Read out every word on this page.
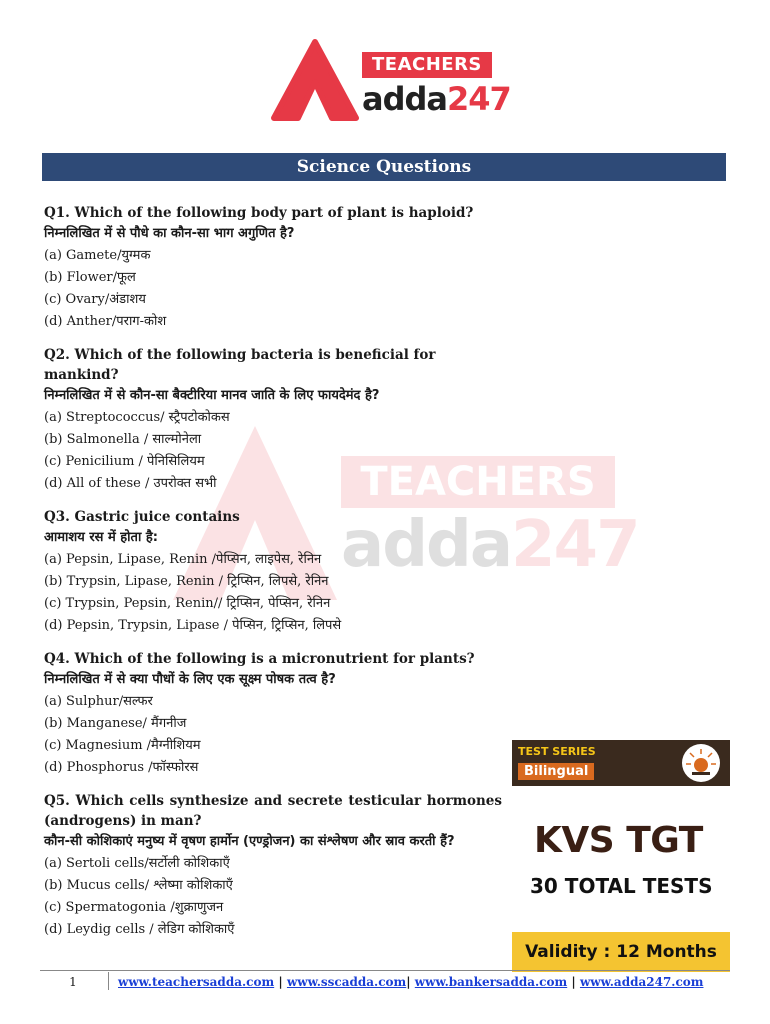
TEACHERS
adda247
TEACHERS
adda247
Science Questions
Q1. Which of the following body part of plant is haploid?
निम्नलिखित में से पौधे का कौन-सा भाग अगुणित है?
(a) Gamete/युग्मक
(b) Flower/फूल
(c) Ovary/अंडाशय
(d) Anther/पराग-कोश
Q2. Which of the following bacteria is beneficial for mankind?
निम्नलिखित में से कौन-सा बैक्टीरिया मानव जाति के लिए फायदेमंद है?
(a) Streptococcus/ स्ट्रैपटोकोकस
(b) Salmonella / साल्मोनेला
(c) Penicilium / पेनिसिलियम
(d) All of these / उपरोक्त सभी
Q3. Gastric juice contains
आमाशय रस में होता है:
(a) Pepsin, Lipase, Renin /पेप्सिन, लाइपेस, रेनिन
(b) Trypsin, Lipase, Renin / ट्रिप्सिन, लिपसे, रेनिन
(c) Trypsin, Pepsin, Renin// ट्रिप्सिन, पेप्सिन, रेनिन
(d) Pepsin, Trypsin, Lipase / पेप्सिन, ट्रिप्सिन, लिपसे
Q4. Which of the following is a micronutrient for plants?
निम्नलिखित में से क्या पौधों के लिए एक सूक्ष्म पोषक तत्व है?
(a) Sulphur/सल्फर
(b) Manganese/ मैंगनीज
(c) Magnesium /मैग्नीशियम
(d) Phosphorus /फॉस्फोरस
Q5. Which cells synthesize and secrete testicular hormones (androgens) in man?
कौन-सी कोशिकाएं मनुष्य में वृषण हार्मोन (एण्ड्रोजन) का संश्लेषण और स्राव करती हैं?
(a) Sertoli cells/सर्टोली कोशिकाएँ
(b) Mucus cells/ श्लेष्मा कोशिकाएँ
(c) Spermatogonia /शुक्राणुजन
(d) Leydig cells / लेडिग कोशिकाएँ
TEST SERIES
Bilingual
KVS TGT
30 TOTAL TESTS
Validity : 12 Months
1	www.teachersadda.com | www.sscadda.com| www.bankersadda.com | www.adda247.com
